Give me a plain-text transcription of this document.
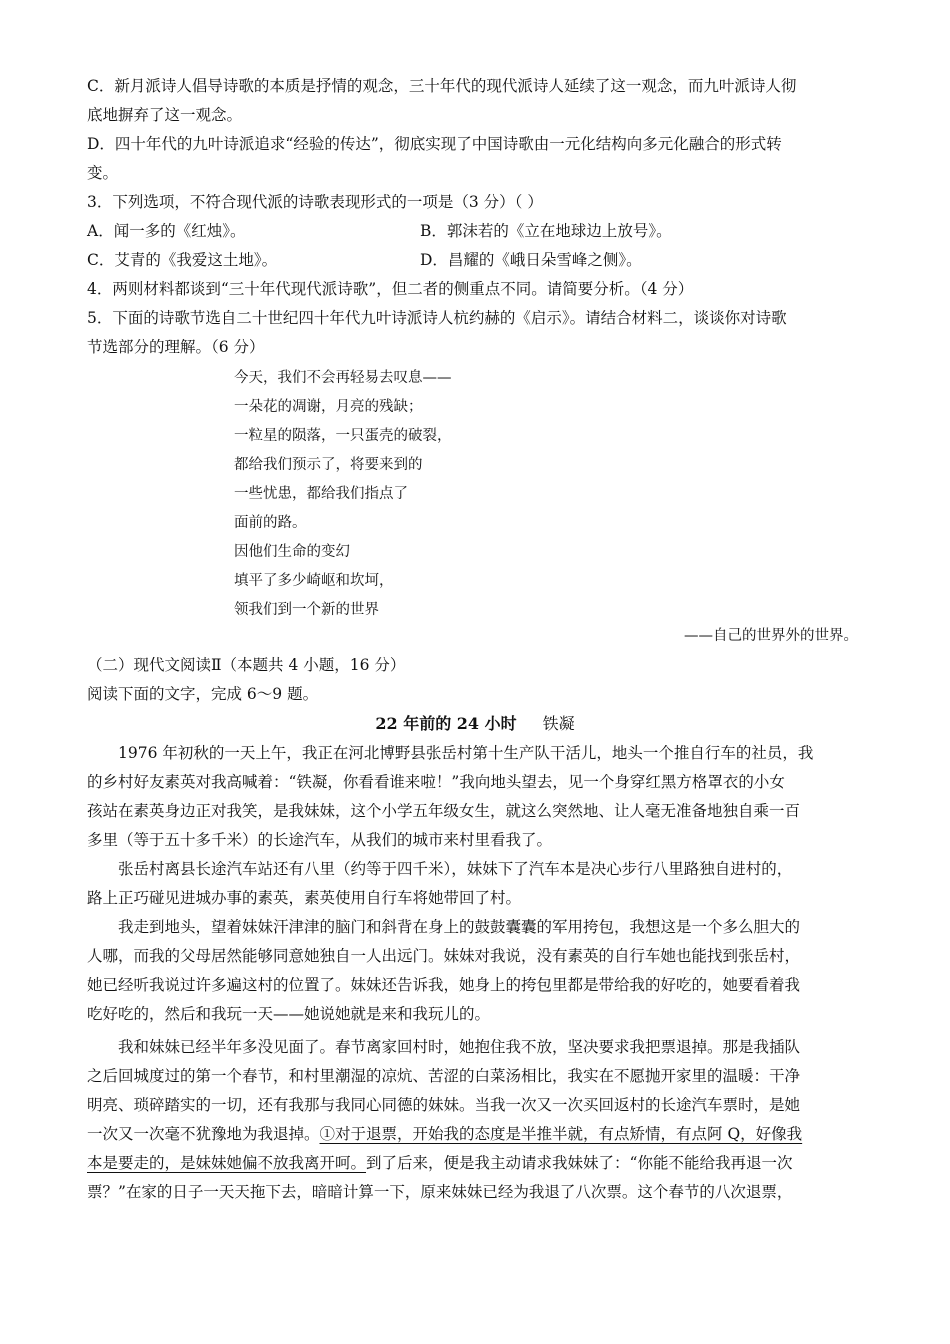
C．新月派诗人倡导诗歌的本质是抒情的观念，三十年代的现代派诗人延续了这一观念，而九叶派诗人彻
底地摒弃了这一观念。
D．四十年代的九叶诗派追求“经验的传达”，彻底实现了中国诗歌由一元化结构向多元化融合的形式转
变。
3．下列选项，不符合现代派的诗歌表现形式的一项是（3 分）（ ）
A．闻一多的《红烛》。	B．郭沫若的《立在地球边上放号》。
C．艾青的《我爱这土地》。	D．昌耀的《峨日朵雪峰之侧》。
4．两则材料都谈到“三十年代现代派诗歌”，但二者的侧重点不同。请简要分析。（4 分）
5．下面的诗歌节选自二十世纪四十年代九叶诗派诗人杭约赫的《启示》。请结合材料二，谈谈你对诗歌
节选部分的理解。（6 分）
今天，我们不会再轻易去叹息——
一朵花的凋谢，月亮的残缺；
一粒星的陨落，一只蛋壳的破裂，
都给我们预示了，将要来到的
一些忧患，都给我们指点了
面前的路。
因他们生命的变幻
填平了多少崎岖和坎坷，
领我们到一个新的世界
——自己的世界外的世界。
（二）现代文阅读Ⅱ（本题共 4 小题，16 分）
阅读下面的文字，完成 6～9 题。
22 年前的 24 小时 铁凝
1976 年初秋的一天上午，我正在河北博野县张岳村第十生产队干活儿，地头一个推自行车的社员，我
的乡村好友素英对我高喊着：“铁凝，你看看谁来啦！”我向地头望去，见一个身穿红黑方格罩衣的小女
孩站在素英身边正对我笑，是我妹妹，这个小学五年级女生，就这么突然地、让人毫无准备地独自乘一百
多里（等于五十多千米）的长途汽车，从我们的城市来村里看我了。
张岳村离县长途汽车站还有八里（约等于四千米），妹妹下了汽车本是决心步行八里路独自进村的，
路上正巧碰见进城办事的素英，素英使用自行车将她带回了村。
我走到地头，望着妹妹汗津津的脑门和斜背在身上的鼓鼓囊囊的军用挎包，我想这是一个多么胆大的
人哪，而我的父母居然能够同意她独自一人出远门。妹妹对我说，没有素英的自行车她也能找到张岳村，
她已经听我说过许多遍这村的位置了。妹妹还告诉我，她身上的挎包里都是带给我的好吃的，她要看着我
吃好吃的，然后和我玩一天——她说她就是来和我玩儿的。
我和妹妹已经半年多没见面了。春节离家回村时，她抱住我不放，坚决要求我把票退掉。那是我插队
之后回城度过的第一个春节，和村里潮湿的凉炕、苦涩的白菜汤相比，我实在不愿抛开家里的温暖：干净
明亮、琐碎踏实的一切，还有我那与我同心同德的妹妹。当我一次又一次买回返村的长途汽车票时，是她
一次又一次毫不犹豫地为我退掉。①对于退票，开始我的态度是半推半就，有点矫情，有点阿 Q，好像我
本是要走的，是妹妹她偏不放我离开呵。到了后来，便是我主动请求我妹妹了：“你能不能给我再退一次
票？”在家的日子一天天拖下去，暗暗计算一下，原来妹妹已经为我退了八次票。这个春节的八次退票，
